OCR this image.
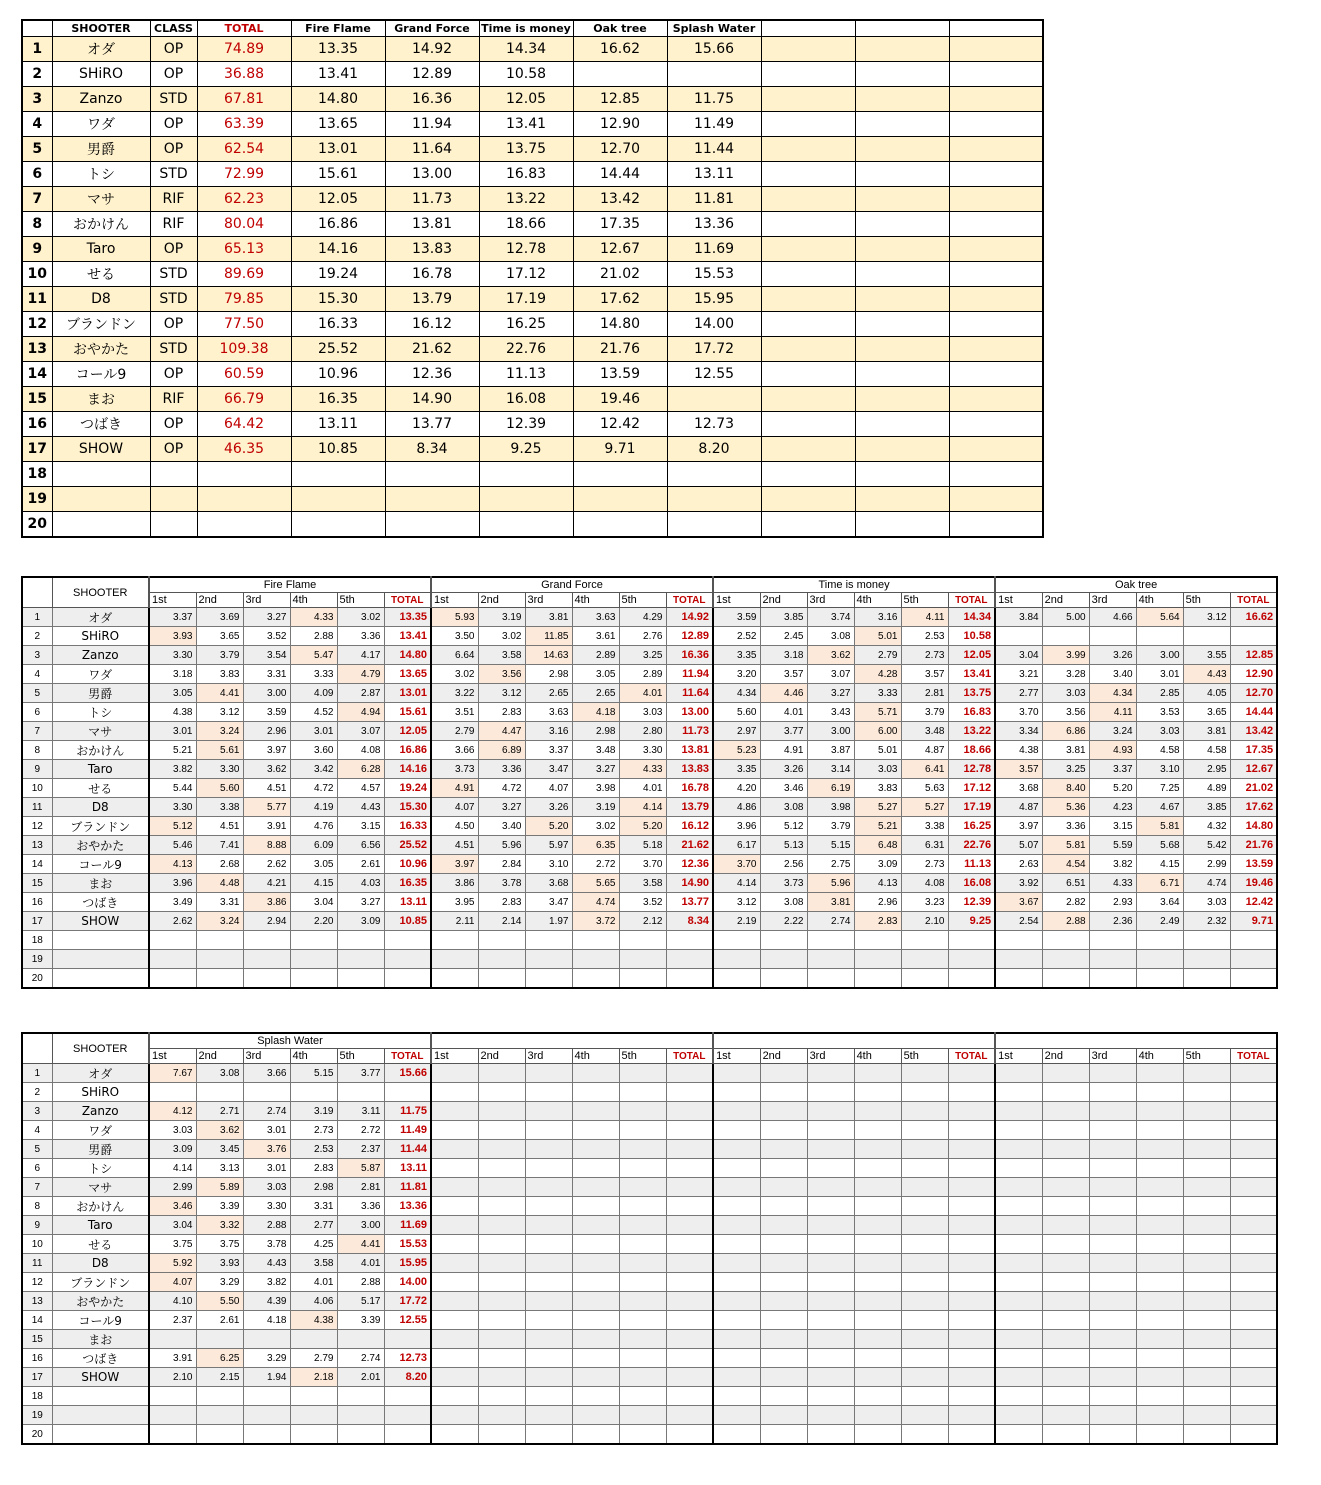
	SHOOTER	CLASS	TOTAL	Fire Flame	Grand Force	Time is money	Oak tree	Splash Water			
1	オダ	OP	74.89	13.35	14.92	14.34	16.62	15.66			
2	SHiRO	OP	36.88	13.41	12.89	10.58					
3	Zanzo	STD	67.81	14.80	16.36	12.05	12.85	11.75			
4	ワダ	OP	63.39	13.65	11.94	13.41	12.90	11.49			
5	男爵	OP	62.54	13.01	11.64	13.75	12.70	11.44			
6	トシ	STD	72.99	15.61	13.00	16.83	14.44	13.11			
7	マサ	RIF	62.23	12.05	11.73	13.22	13.42	11.81			
8	おかけん	RIF	80.04	16.86	13.81	18.66	17.35	13.36			
9	Taro	OP	65.13	14.16	13.83	12.78	12.67	11.69			
10	せる	STD	89.69	19.24	16.78	17.12	21.02	15.53			
11	D8	STD	79.85	15.30	13.79	17.19	17.62	15.95			
12	ブランドン	OP	77.50	16.33	16.12	16.25	14.80	14.00			
13	おやかた	STD	109.38	25.52	21.62	22.76	21.76	17.72			
14	コール9	OP	60.59	10.96	12.36	11.13	13.59	12.55			
15	まお	RIF	66.79	16.35	14.90	16.08	19.46				
16	つばき	OP	64.42	13.11	13.77	12.39	12.42	12.73			
17	SHOW	OP	46.35	10.85	8.34	9.25	9.71	8.20			
18											
19											
20											
	SHOOTER	Fire Flame						Grand Force						Time is money						Oak tree					
		1st	2nd	3rd	4th	5th	TOTAL	1st	2nd	3rd	4th	5th	TOTAL	1st	2nd	3rd	4th	5th	TOTAL	1st	2nd	3rd	4th	5th	TOTAL
1	オダ	3.37	3.69	3.27	4.33	3.02	13.35	5.93	3.19	3.81	3.63	4.29	14.92	3.59	3.85	3.74	3.16	4.11	14.34	3.84	5.00	4.66	5.64	3.12	16.62
2	SHiRO	3.93	3.65	3.52	2.88	3.36	13.41	3.50	3.02	11.85	3.61	2.76	12.89	2.52	2.45	3.08	5.01	2.53	10.58						
3	Zanzo	3.30	3.79	3.54	5.47	4.17	14.80	6.64	3.58	14.63	2.89	3.25	16.36	3.35	3.18	3.62	2.79	2.73	12.05	3.04	3.99	3.26	3.00	3.55	12.85
4	ワダ	3.18	3.83	3.31	3.33	4.79	13.65	3.02	3.56	2.98	3.05	2.89	11.94	3.20	3.57	3.07	4.28	3.57	13.41	3.21	3.28	3.40	3.01	4.43	12.90
5	男爵	3.05	4.41	3.00	4.09	2.87	13.01	3.22	3.12	2.65	2.65	4.01	11.64	4.34	4.46	3.27	3.33	2.81	13.75	2.77	3.03	4.34	2.85	4.05	12.70
6	トシ	4.38	3.12	3.59	4.52	4.94	15.61	3.51	2.83	3.63	4.18	3.03	13.00	5.60	4.01	3.43	5.71	3.79	16.83	3.70	3.56	4.11	3.53	3.65	14.44
7	マサ	3.01	3.24	2.96	3.01	3.07	12.05	2.79	4.47	3.16	2.98	2.80	11.73	2.97	3.77	3.00	6.00	3.48	13.22	3.34	6.86	3.24	3.03	3.81	13.42
8	おかけん	5.21	5.61	3.97	3.60	4.08	16.86	3.66	6.89	3.37	3.48	3.30	13.81	5.23	4.91	3.87	5.01	4.87	18.66	4.38	3.81	4.93	4.58	4.58	17.35
9	Taro	3.82	3.30	3.62	3.42	6.28	14.16	3.73	3.36	3.47	3.27	4.33	13.83	3.35	3.26	3.14	3.03	6.41	12.78	3.57	3.25	3.37	3.10	2.95	12.67
10	せる	5.44	5.60	4.51	4.72	4.57	19.24	4.91	4.72	4.07	3.98	4.01	16.78	4.20	3.46	6.19	3.83	5.63	17.12	3.68	8.40	5.20	7.25	4.89	21.02
11	D8	3.30	3.38	5.77	4.19	4.43	15.30	4.07	3.27	3.26	3.19	4.14	13.79	4.86	3.08	3.98	5.27	5.27	17.19	4.87	5.36	4.23	4.67	3.85	17.62
12	ブランドン	5.12	4.51	3.91	4.76	3.15	16.33	4.50	3.40	5.20	3.02	5.20	16.12	3.96	5.12	3.79	5.21	3.38	16.25	3.97	3.36	3.15	5.81	4.32	14.80
13	おやかた	5.46	7.41	8.88	6.09	6.56	25.52	4.51	5.96	5.97	6.35	5.18	21.62	6.17	5.13	5.15	6.48	6.31	22.76	5.07	5.81	5.59	5.68	5.42	21.76
14	コール9	4.13	2.68	2.62	3.05	2.61	10.96	3.97	2.84	3.10	2.72	3.70	12.36	3.70	2.56	2.75	3.09	2.73	11.13	2.63	4.54	3.82	4.15	2.99	13.59
15	まお	3.96	4.48	4.21	4.15	4.03	16.35	3.86	3.78	3.68	5.65	3.58	14.90	4.14	3.73	5.96	4.13	4.08	16.08	3.92	6.51	4.33	6.71	4.74	19.46
16	つばき	3.49	3.31	3.86	3.04	3.27	13.11	3.95	2.83	3.47	4.74	3.52	13.77	3.12	3.08	3.81	2.96	3.23	12.39	3.67	2.82	2.93	3.64	3.03	12.42
17	SHOW	2.62	3.24	2.94	2.20	3.09	10.85	2.11	2.14	1.97	3.72	2.12	8.34	2.19	2.22	2.74	2.83	2.10	9.25	2.54	2.88	2.36	2.49	2.32	9.71
18																									
19																									
20																									
	SHOOTER	Splash Water																							
		1st	2nd	3rd	4th	5th	TOTAL	1st	2nd	3rd	4th	5th	TOTAL	1st	2nd	3rd	4th	5th	TOTAL	1st	2nd	3rd	4th	5th	TOTAL
1	オダ	7.67	3.08	3.66	5.15	3.77	15.66																		
2	SHiRO																								
3	Zanzo	4.12	2.71	2.74	3.19	3.11	11.75																		
4	ワダ	3.03	3.62	3.01	2.73	2.72	11.49																		
5	男爵	3.09	3.45	3.76	2.53	2.37	11.44																		
6	トシ	4.14	3.13	3.01	2.83	5.87	13.11																		
7	マサ	2.99	5.89	3.03	2.98	2.81	11.81																		
8	おかけん	3.46	3.39	3.30	3.31	3.36	13.36																		
9	Taro	3.04	3.32	2.88	2.77	3.00	11.69																		
10	せる	3.75	3.75	3.78	4.25	4.41	15.53																		
11	D8	5.92	3.93	4.43	3.58	4.01	15.95																		
12	ブランドン	4.07	3.29	3.82	4.01	2.88	14.00																		
13	おやかた	4.10	5.50	4.39	4.06	5.17	17.72																		
14	コール9	2.37	2.61	4.18	4.38	3.39	12.55																		
15	まお																								
16	つばき	3.91	6.25	3.29	2.79	2.74	12.73																		
17	SHOW	2.10	2.15	1.94	2.18	2.01	8.20																		
18																									
19																									
20																									
